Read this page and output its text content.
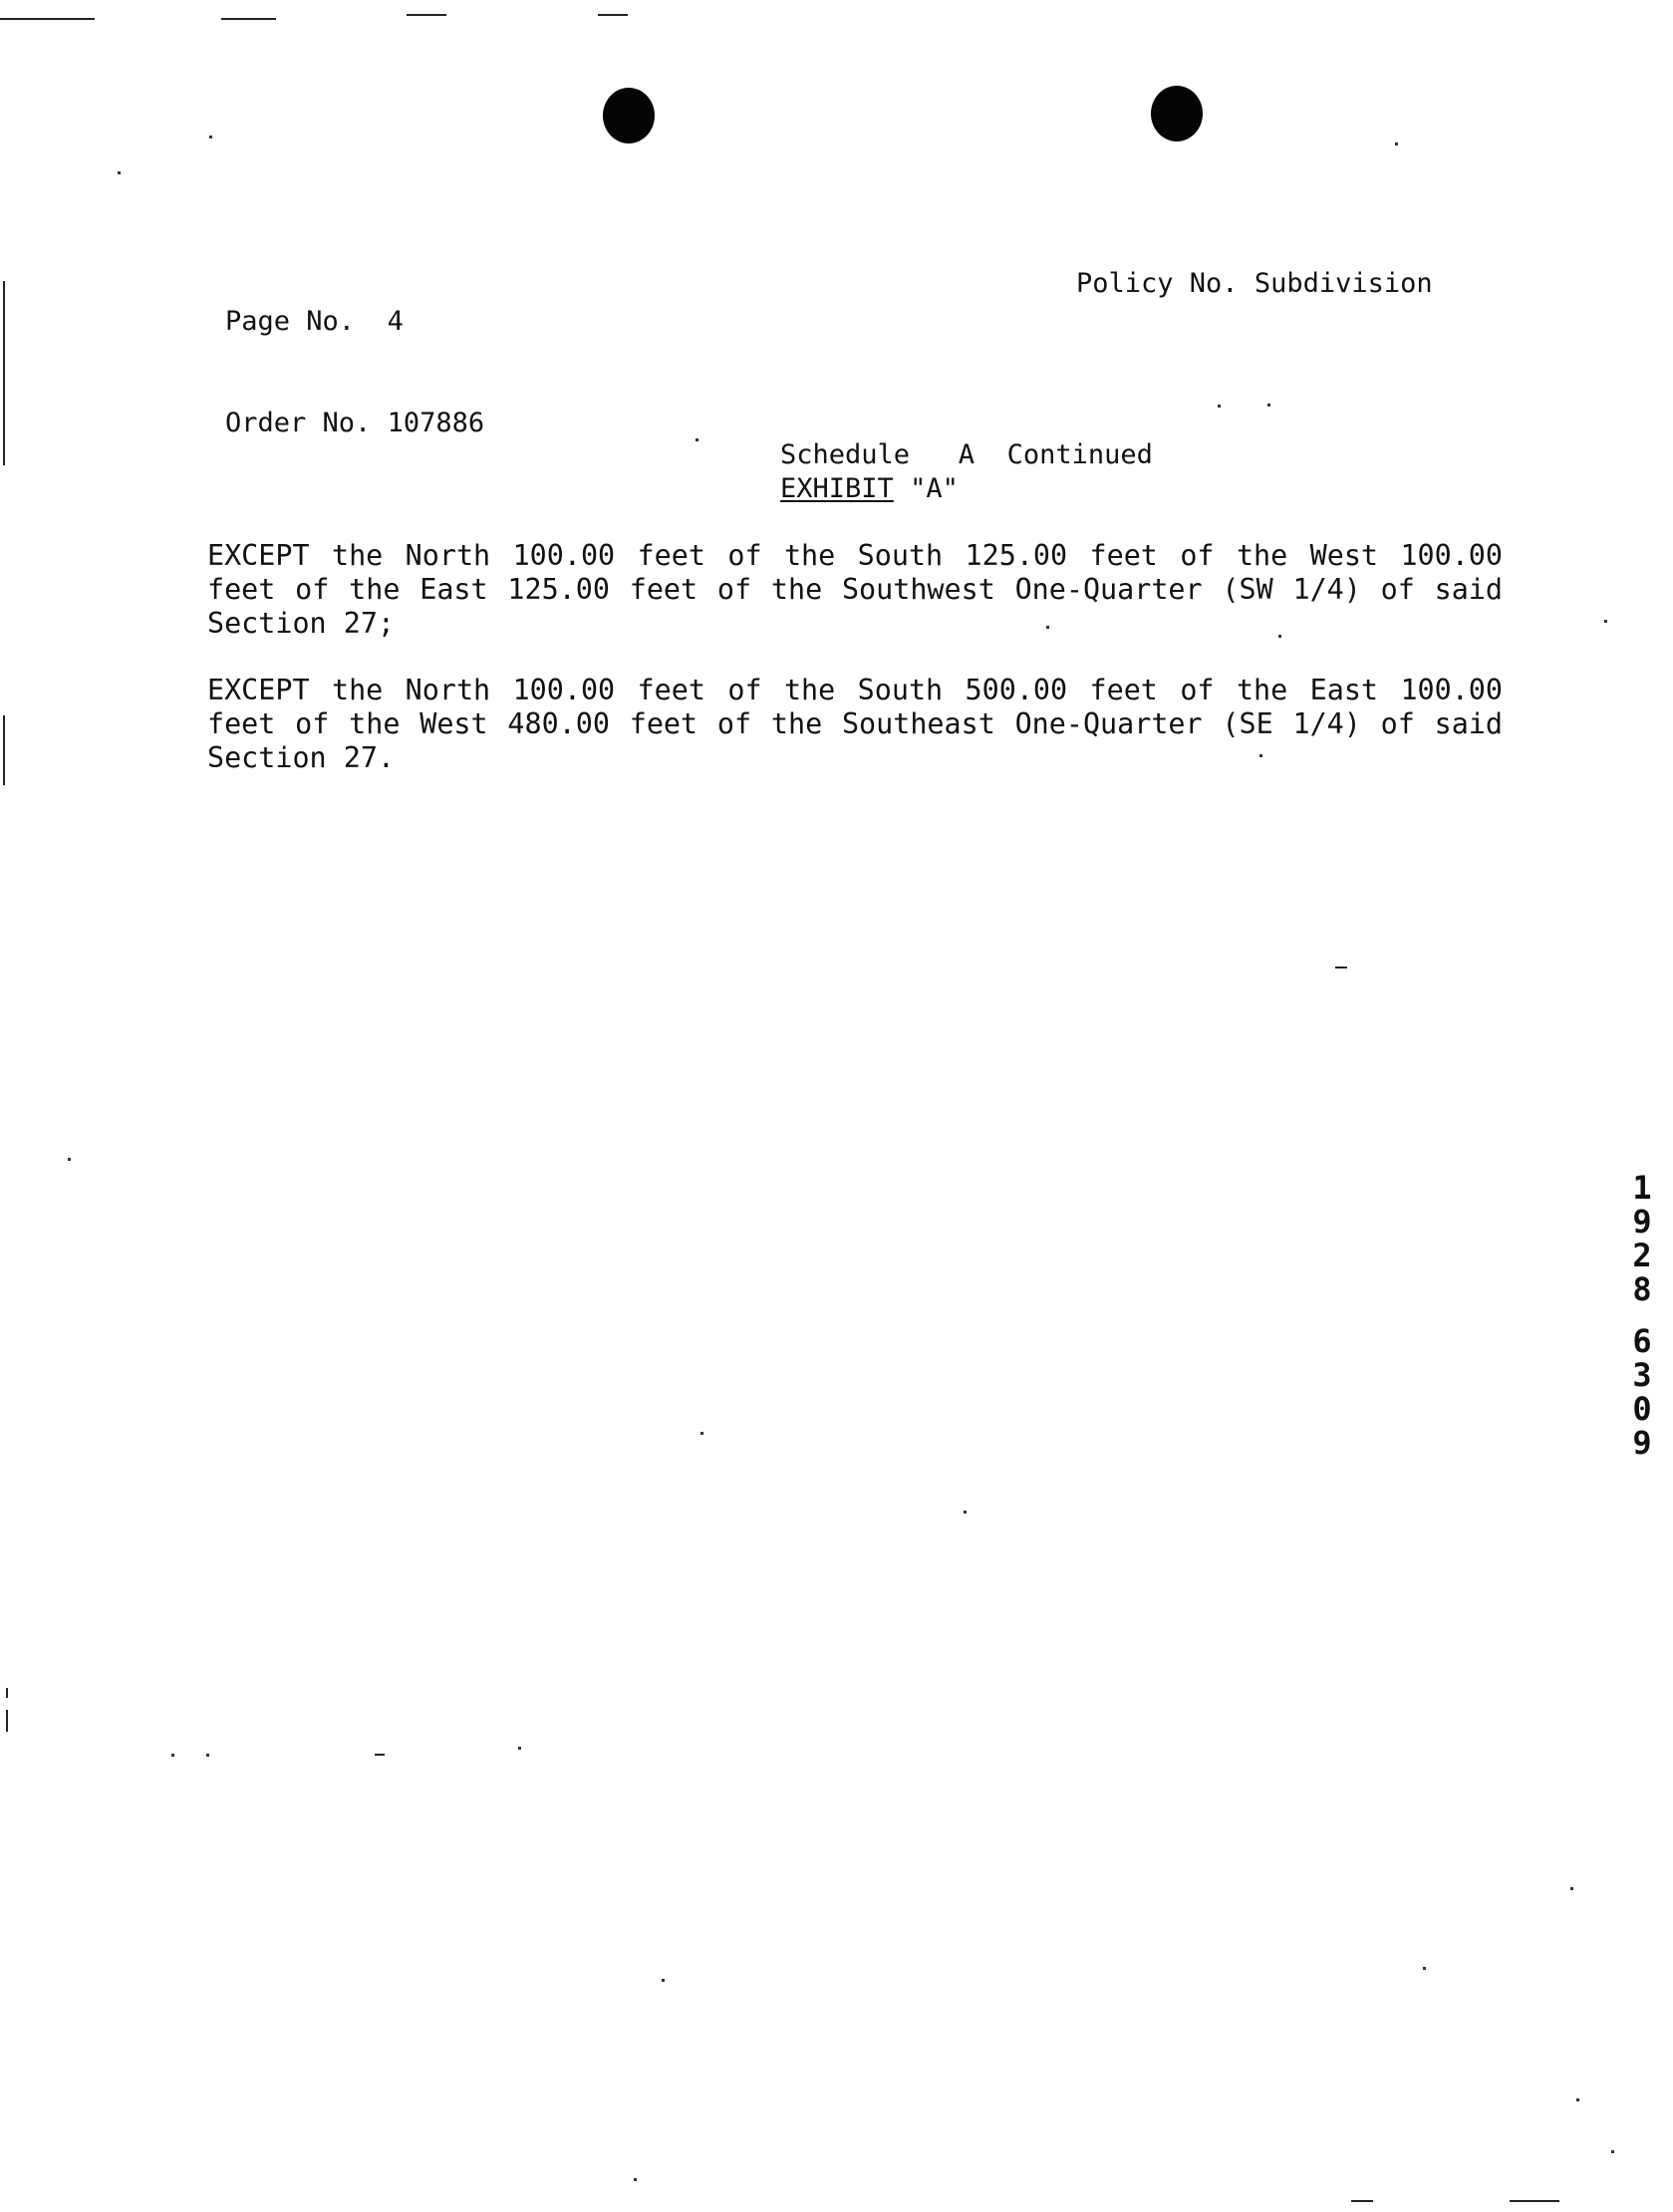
Page No. 4

Order No. 107886

Policy No. Subdivision
Schedule   A  Continued
EXHIBIT "A"
EXCEPT the North 100.00 feet of the South 125.00 feet of the West 100.00 feet of the East 125.00 feet of the Southwest One-Quarter (SW 1/4) of said Section 27;
EXCEPT the North 100.00 feet of the South 500.00 feet of the East 100.00 feet of the West 480.00 feet of the Southeast One-Quarter (SE 1/4) of said Section 27.
1
9
2
8
6
3
0
9
